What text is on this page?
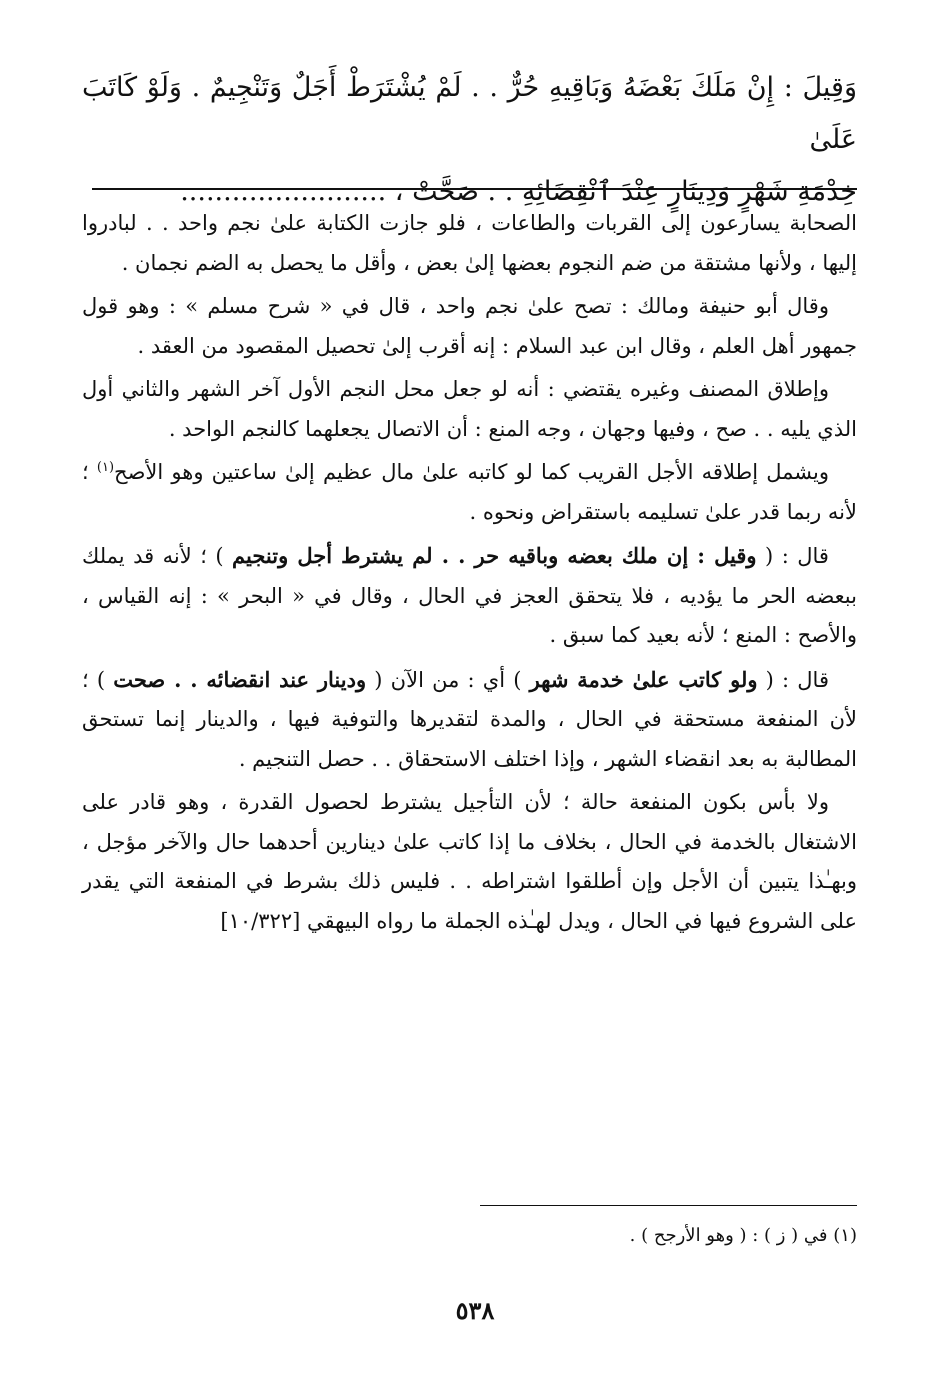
وَقِيلَ : إِنْ مَلَكَ بَعْضَهُ وَبَاقِيهِ حُرٌّ . . لَمْ يُشْتَرَطْ أَجَلٌ وَتَنْجِيمٌ . وَلَوْ كَاتَبَ عَلَىٰ

خِدْمَةِ شَهْرٍ وَدِينَارٍ عِنْدَ ٱنْقِضَائِهِ . . صَحَّتْ ، ........................

الصحابة يسارعون إلى القربات والطاعات ، فلو جازت الكتابة علىٰ نجم واحد . . لبادروا إليها ، ولأنها مشتقة من ضم النجوم بعضها إلىٰ بعض ، وأقل ما يحصل به الضم نجمان .

وقال أبو حنيفة ومالك : تصح علىٰ نجم واحد ، قال في « شرح مسلم » : وهو قول جمهور أهل العلم ، وقال ابن عبد السلام : إنه أقرب إلىٰ تحصيل المقصود من العقد .

وإطلاق المصنف وغيره يقتضي : أنه لو جعل محل النجم الأول آخر الشهر والثاني أول الذي يليه . . صح ، وفيها وجهان ، وجه المنع : أن الاتصال يجعلهما كالنجم الواحد .

ويشمل إطلاقه الأجل القريب كما لو كاتبه علىٰ مال عظيم إلىٰ ساعتين وهو الأصح$^{(١)}$ ؛ لأنه ربما قدر علىٰ تسليمه باستقراض ونحوه .

قال : ( وقيل : إن ملك بعضه وباقيه حر . . لم يشترط أجل وتنجيم ) ؛ لأنه قد يملك ببعضه الحر ما يؤديه ، فلا يتحقق العجز في الحال ، وقال في « البحر » : إنه القياس ، والأصح : المنع ؛ لأنه بعيد كما سبق .

قال : ( ولو كاتب علىٰ خدمة شهر ) أي : من الآن ( ودينار عند انقضائه . . صحت ) ؛ لأن المنفعة مستحقة في الحال ، والمدة لتقديرها والتوفية فيها ، والدينار إنما تستحق المطالبة به بعد انقضاء الشهر ، وإذا اختلف الاستحقاق . . حصل التنجيم .

ولا بأس بكون المنفعة حالة ؛ لأن التأجيل يشترط لحصول القدرة ، وهو قادر على الاشتغال بالخدمة في الحال ، بخلاف ما إذا كاتب علىٰ دينارين أحدهما حال والآخر مؤجل ، وبهـٰذا يتبين أن الأجل وإن أطلقوا اشتراطه . . فليس ذلك بشرط في المنفعة التي يقدر على الشروع فيها في الحال ، ويدل لهـٰذه الجملة ما رواه البيهقي [١٠/٣٢٢]

(١) في ( ز ) : ( وهو الأرجح ) .
٥٣٨
